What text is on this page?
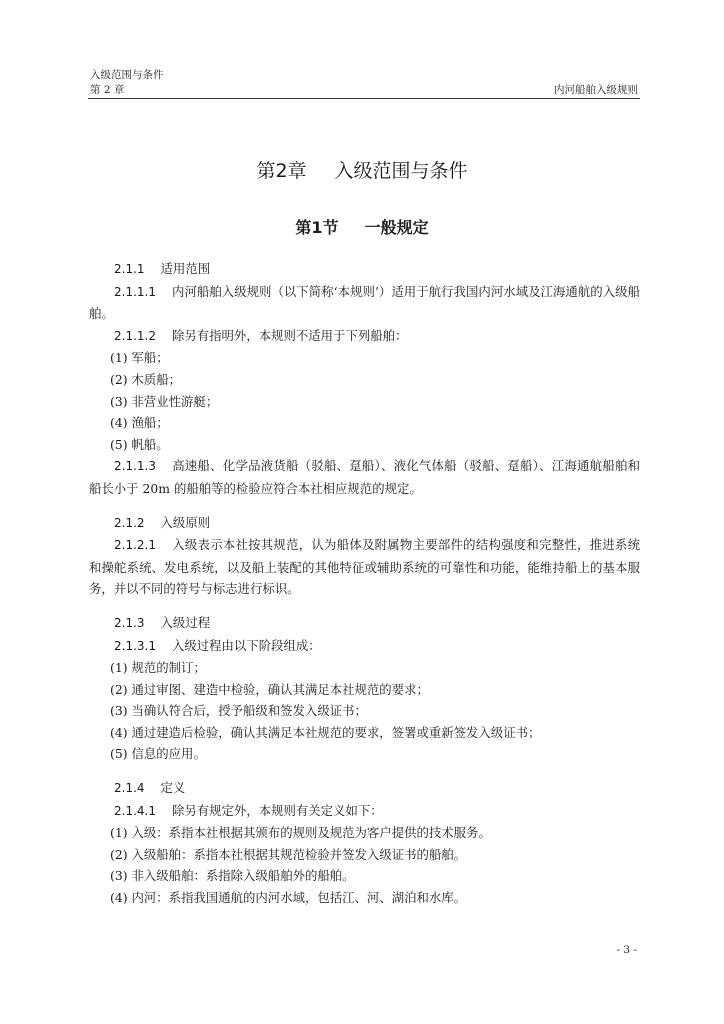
入级范围与条件
第 2 章	内河船舶入级规则
第2章 入级范围与条件
第1节 一般规定

2.1.1 适用范围

2.1.1.1 内河船舶入级规则（以下简称‘本规则’）适用于航行我国内河水域及江海通航的入级船舶。

2.1.1.2 除另有指明外，本规则不适用于下列船舶：

(1) 军船；

(2) 木质船；

(3) 非营业性游艇；

(4) 渔船；

(5) 帆船。

2.1.1.3 高速船、化学品液货船（驳船、趸船）、液化气体船（驳船、趸船）、江海通航船舶和船长小于 20m 的船舶等的检验应符合本社相应规范的规定。

2.1.2 入级原则

2.1.2.1 入级表示本社按其规范，认为船体及附属物主要部件的结构强度和完整性，推进系统和操舵系统、发电系统，以及船上装配的其他特征或辅助系统的可靠性和功能，能维持船上的基本服务，并以不同的符号与标志进行标识。

2.1.3 入级过程

2.1.3.1 入级过程由以下阶段组成：

(1) 规范的制订；

(2) 通过审图、建造中检验，确认其满足本社规范的要求；

(3) 当确认符合后，授予船级和签发入级证书；

(4) 通过建造后检验，确认其满足本社规范的要求，签署或重新签发入级证书；

(5) 信息的应用。

2.1.4 定义

2.1.4.1 除另有规定外，本规则有关定义如下：

(1) 入级：系指本社根据其颁布的规则及规范为客户提供的技术服务。

(2) 入级船舶：系指本社根据其规范检验并签发入级证书的船舶。

(3) 非入级船舶：系指除入级船舶外的船舶。

(4) 内河：系指我国通航的内河水域，包括江、河、湖泊和水库。

- 3 -
